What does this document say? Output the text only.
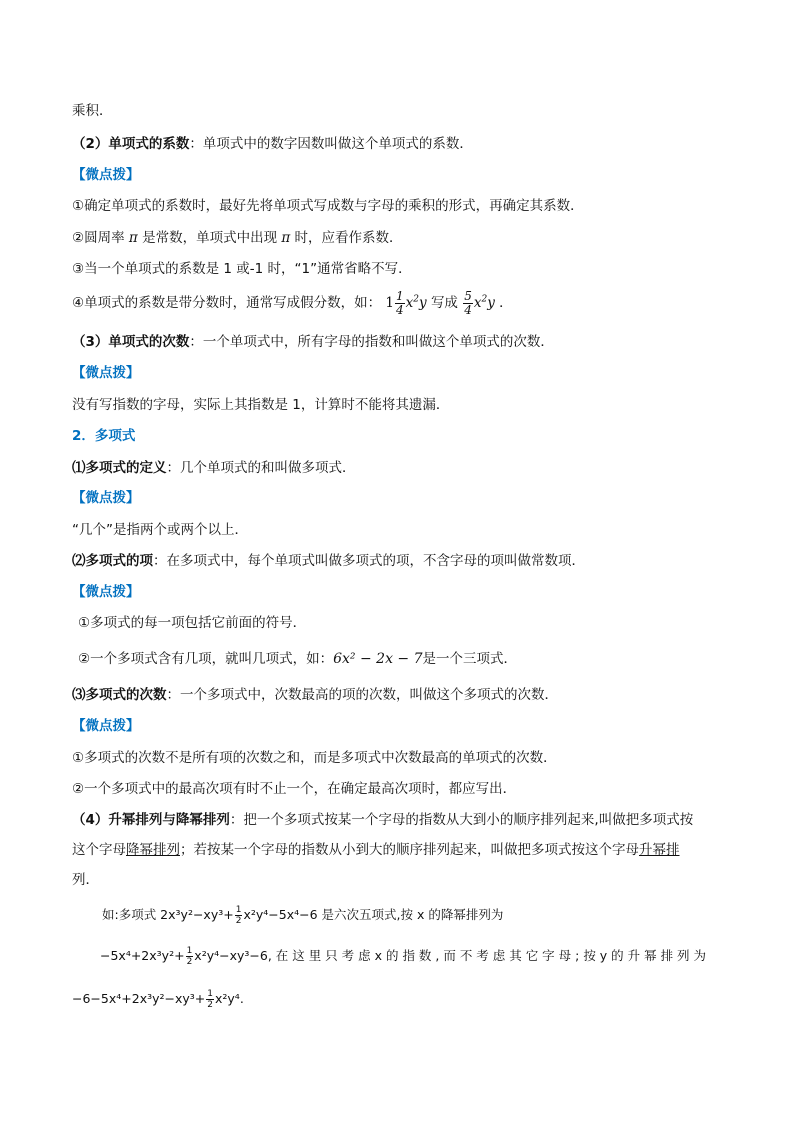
乘积．
（2）单项式的系数：单项式中的数字因数叫做这个单项式的系数．
【微点拨】
①确定单项式的系数时，最好先将单项式写成数与字母的乘积的形式，再确定其系数．
②圆周率 π 是常数，单项式中出现 π 时，应看作系数．
③当一个单项式的系数是 1 或-1 时，“1”通常省略不写．
④单项式的系数是带分数时，通常写成假分数，如： $1 \frac{1}{4} x^2y$ 写成 $\frac{5}{4} x^2y$ ．
（3）单项式的次数：一个单项式中，所有字母的指数和叫做这个单项式的次数．
【微点拨】
没有写指数的字母，实际上其指数是 1，计算时不能将其遗漏．
2．多项式
⑴多项式的定义：几个单项式的和叫做多项式．
【微点拨】
“几个”是指两个或两个以上．
⑵多项式的项：在多项式中，每个单项式叫做多项式的项，不含字母的项叫做常数项．
【微点拨】
①多项式的每一项包括它前面的符号．
②一个多项式含有几项，就叫几项式，如：6x² − 2x − 7是一个三项式．
⑶多项式的次数：一个多项式中，次数最高的项的次数，叫做这个多项式的次数．
【微点拨】
①多项式的次数不是所有项的次数之和，而是多项式中次数最高的单项式的次数．
②一个多项式中的最高次项有时不止一个，在确定最高次项时，都应写出．
（4）升幂排列与降幂排列：把一个多项式按某一个字母的指数从大到小的顺序排列起来,叫做把多项式按
这个字母降幂排列；若按某一个字母的指数从小到大的顺序排列起来，叫做把多项式按这个字母升幂排
列．
如:多项式 $2x^3y^2-xy^3+ \frac{1}{2} x^2y^4-5x^4-6$ 是六次五项式,按 x 的降幂排列为
$-5x^4+2x^3y^2+ \frac{1}{2} x^2y^4-xy^3-6$, 在 这 里 只 考 虑 x 的 指 数 , 而 不 考 虑 其 它 字 母 ; 按 y 的 升 幂 排 列 为
$-6-5x^4+2x^3y^2-xy^3+ \frac{1}{2} x^2y^4$.
